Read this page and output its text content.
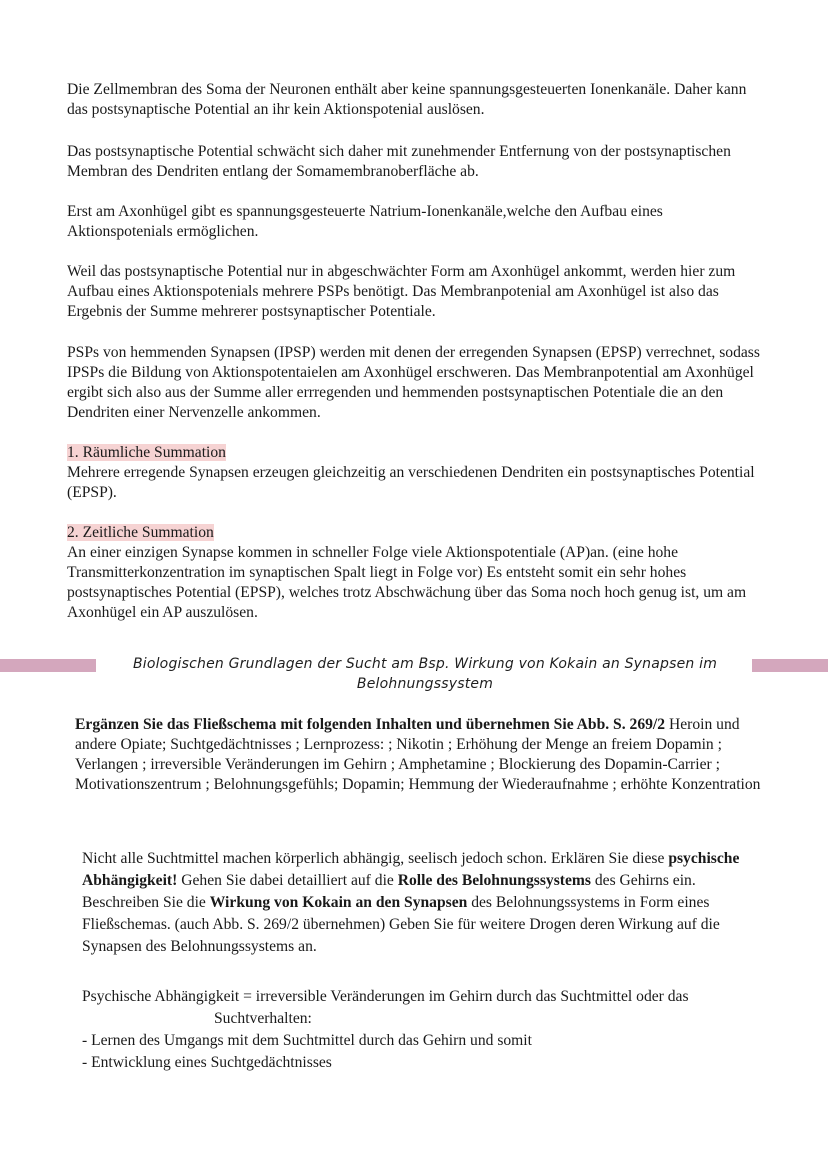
Die Zellmembran des Soma der Neuronen enthält aber keine spannungsgesteuerten Ionenkanäle. Daher kann das postsynaptische Potential an ihr kein Aktionspotenial auslösen.

Das postsynaptische Potential schwächt sich daher mit zunehmender Entfernung von der postsynaptischen Membran des Dendriten entlang der Somamembranoberfläche ab.

Erst am Axonhügel gibt es spannungsgesteuerte Natrium-Ionenkanäle,welche den Aufbau eines Aktionspotenials ermöglichen.

Weil das postsynaptische Potential nur in abgeschwächter Form am Axonhügel ankommt, werden hier zum Aufbau eines Aktionspotenials mehrere PSPs benötigt. Das Membranpotenial am Axonhügel ist also das Ergebnis der Summe mehrerer postsynaptischer Potentiale.

PSPs von hemmenden Synapsen (IPSP) werden mit denen der erregenden Synapsen (EPSP) verrechnet, sodass IPSPs die Bildung von Aktionspotentaielen am Axonhügel erschweren. Das Membranpotential am Axonhügel ergibt sich also aus der Summe aller errregenden und hemmenden postsynaptischen Potentiale die an den Dendriten einer Nervenzelle ankommen.

1. Räumliche Summation
Mehrere erregende Synapsen erzeugen gleichzeitig an verschiedenen Dendriten ein postsynaptisches Potential (EPSP).
2. Zeitliche Summation
An einer einzigen Synapse kommen in schneller Folge viele Aktionspotentiale (AP)an. (eine hohe Transmitterkonzentration im synaptischen Spalt liegt in Folge vor) Es entsteht somit ein sehr hohes postsynaptisches Potential (EPSP), welches trotz Abschwächung über das Soma noch hoch genug ist, um am Axonhügel ein AP auszulösen.
Biologischen Grundlagen der Sucht am Bsp. Wirkung von Kokain an Synapsen im
Belohnungssystem

Ergänzen Sie das Fließschema mit folgenden Inhalten und übernehmen Sie Abb. S. 269/2 Heroin und andere Opiate; Suchtgedächtnisses ; Lernprozess: ; Nikotin ; Erhöhung der Menge an freiem Dopamin ; Verlangen ; irreversible Veränderungen im Gehirn ; Amphetamine ; Blockierung des Dopamin-Carrier ; Motivationszentrum ; Belohnungsgefühls; Dopamin; Hemmung der Wiederaufnahme ; erhöhte Konzentration

Nicht alle Suchtmittel machen körperlich abhängig, seelisch jedoch schon. Erklären Sie diese psychische Abhängigkeit! Gehen Sie dabei detailliert auf die Rolle des Belohnungssystems des Gehirns ein. Beschreiben Sie die Wirkung von Kokain an den Synapsen des Belohnungssystems in Form eines Fließschemas. (auch Abb. S. 269/2 übernehmen) Geben Sie für weitere Drogen deren Wirkung auf die Synapsen des Belohnungssystems an.

Psychische Abhängigkeit = irreversible Veränderungen im Gehirn durch das Suchtmittel oder das

Suchtverhalten:
- Lernen des Umgangs mit dem Suchtmittel durch das Gehirn und somit
- Entwicklung eines Suchtgedächtnisses
